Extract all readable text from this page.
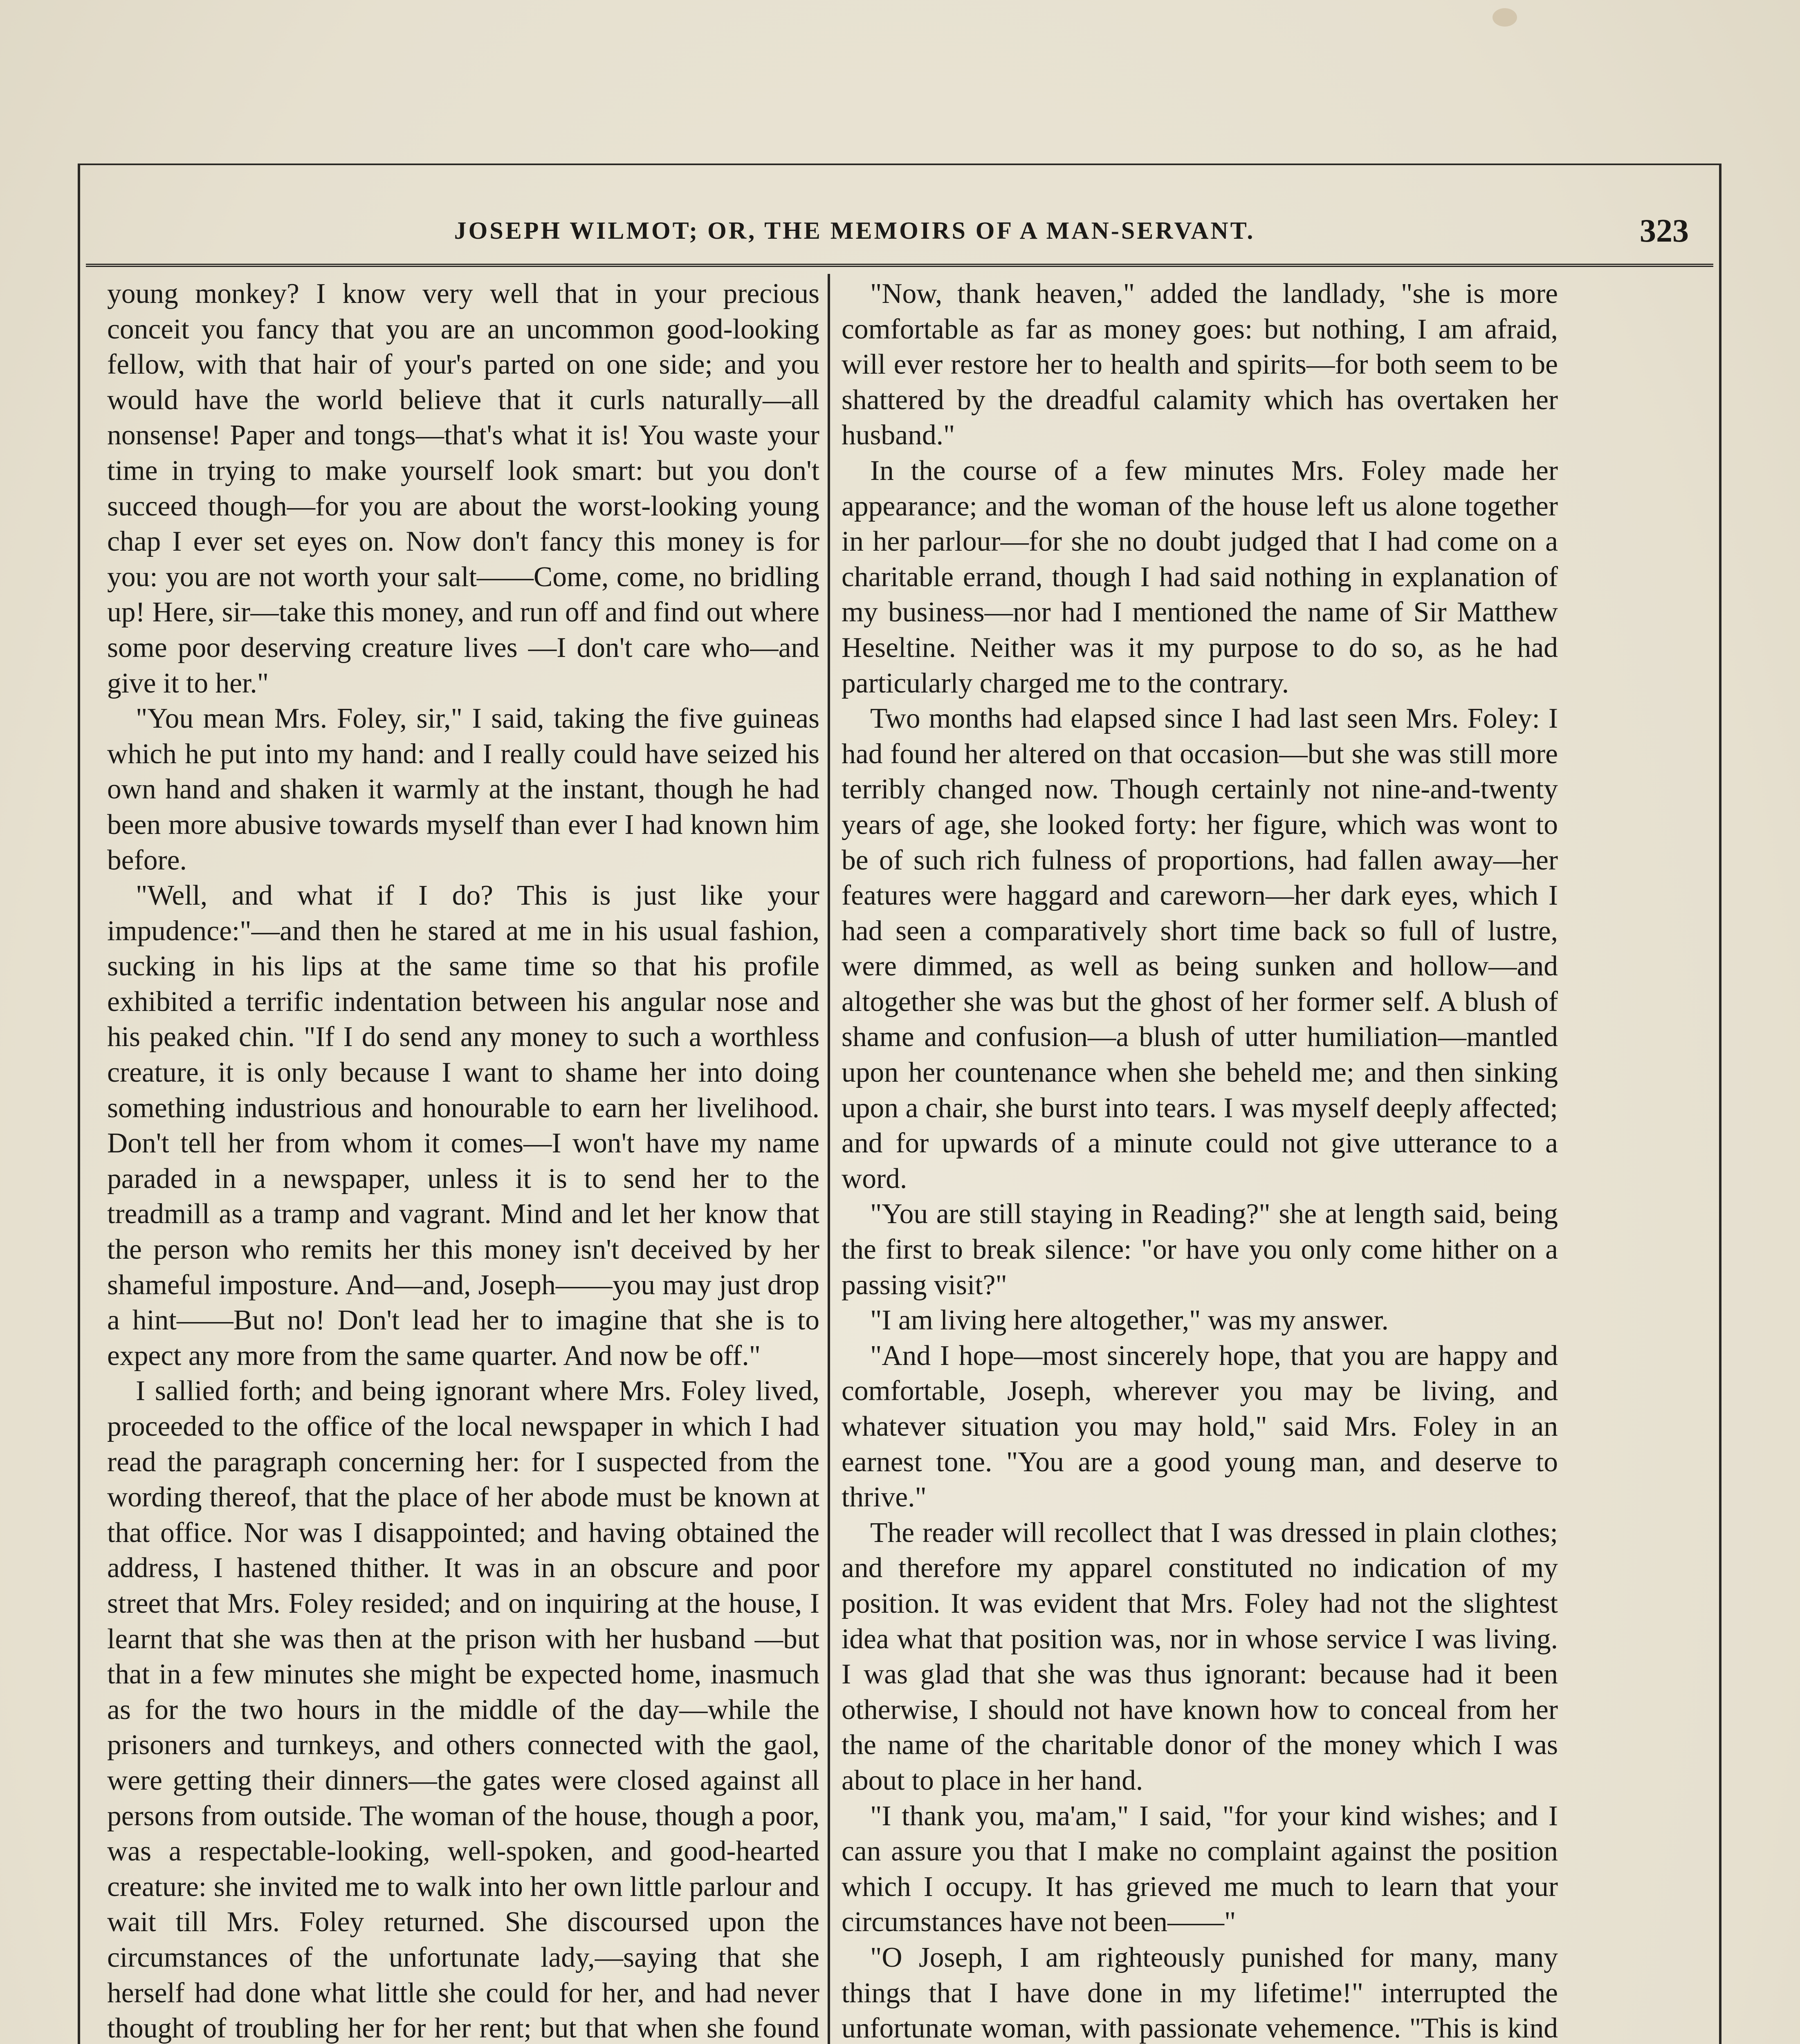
JOSEPH WILMOT; OR, THE MEMOIRS OF A MAN-SERVANT.	323

young monkey? I know very well that in your precious conceit you fancy that you are an uncommon good-looking fellow, with that hair of your's parted on one side; and you would have the world believe that it curls naturally—all nonsense! Paper and tongs—that's what it is! You waste your time in trying to make yourself look smart: but you don't succeed though—for you are about the worst-looking young chap I ever set eyes on. Now don't fancy this money is for you: you are not worth your salt——Come, come, no bridling up! Here, sir—take this money, and run off and find out where some poor deserving creature lives —I don't care who—and give it to her."

"You mean Mrs. Foley, sir," I said, taking the five guineas which he put into my hand: and I really could have seized his own hand and shaken it warmly at the instant, though he had been more abusive towards myself than ever I had known him before.

"Well, and what if I do? This is just like your impudence:"—and then he stared at me in his usual fashion, sucking in his lips at the same time so that his profile exhibited a terrific indentation between his angular nose and his peaked chin. "If I do send any money to such a worthless creature, it is only because I want to shame her into doing something industrious and honourable to earn her livelihood. Don't tell her from whom it comes—I won't have my name paraded in a newspaper, unless it is to send her to the treadmill as a tramp and vagrant. Mind and let her know that the person who remits her this money isn't deceived by her shameful imposture. And—and, Joseph——you may just drop a hint——But no! Don't lead her to imagine that she is to expect any more from the same quarter. And now be off."

I sallied forth; and being ignorant where Mrs. Foley lived, proceeded to the office of the local newspaper in which I had read the paragraph concerning her: for I suspected from the wording thereof, that the place of her abode must be known at that office. Nor was I disappointed; and having obtained the address, I hastened thither. It was in an obscure and poor street that Mrs. Foley resided; and on inquiring at the house, I learnt that she was then at the prison with her husband —but that in a few minutes she might be expected home, inasmuch as for the two hours in the middle of the day—while the prisoners and turnkeys, and others connected with the gaol, were getting their dinners—the gates were closed against all persons from outside. The woman of the house, though a poor, was a respectable-looking, well-spoken, and good-hearted creature: she invited me to walk into her own little parlour and wait till Mrs. Foley returned. She discoursed upon the circumstances of the unfortunate lady,—saying that she herself had done what little she could for her, and had never thought of troubling her for her rent; but that when she found

"Now, thank heaven," added the landlady, "she is more comfortable as far as money goes: but nothing, I am afraid, will ever restore her to health and spirits—for both seem to be shattered by the dreadful calamity which has overtaken her husband."

In the course of a few minutes Mrs. Foley made her appearance; and the woman of the house left us alone together in her parlour—for she no doubt judged that I had come on a charitable errand, though I had said nothing in explanation of my business—nor had I mentioned the name of Sir Matthew Heseltine. Neither was it my purpose to do so, as he had particularly charged me to the contrary.

Two months had elapsed since I had last seen Mrs. Foley: I had found her altered on that occasion—but she was still more terribly changed now. Though certainly not nine-and-twenty years of age, she looked forty: her figure, which was wont to be of such rich fulness of proportions, had fallen away—her features were haggard and careworn—her dark eyes, which I had seen a comparatively short time back so full of lustre, were dimmed, as well as being sunken and hollow—and altogether she was but the ghost of her former self. A blush of shame and confusion—a blush of utter humiliation—mantled upon her countenance when she beheld me; and then sinking upon a chair, she burst into tears. I was myself deeply affected; and for upwards of a minute could not give utterance to a word.

"You are still staying in Reading?" she at length said, being the first to break silence: "or have you only come hither on a passing visit?"

"I am living here altogether," was my answer.

"And I hope—most sincerely hope, that you are happy and comfortable, Joseph, wherever you may be living, and whatever situation you may hold," said Mrs. Foley in an earnest tone. "You are a good young man, and deserve to thrive."

The reader will recollect that I was dressed in plain clothes; and therefore my apparel constituted no indication of my position. It was evident that Mrs. Foley had not the slightest idea what that position was, nor in whose service I was living. I was glad that she was thus ignorant: because had it been otherwise, I should not have known how to conceal from her the name of the charitable donor of the money which I was about to place in her hand.

"I thank you, ma'am," I said, "for your kind wishes; and I can assure you that I make no complaint against the position which I occupy. It has grieved me much to learn that your circumstances have not been——"

"O Joseph, I am righteously punished for many, many things that I have done in my lifetime!" interrupted the unfortunate woman, with passionate vehemence. "This is kind
